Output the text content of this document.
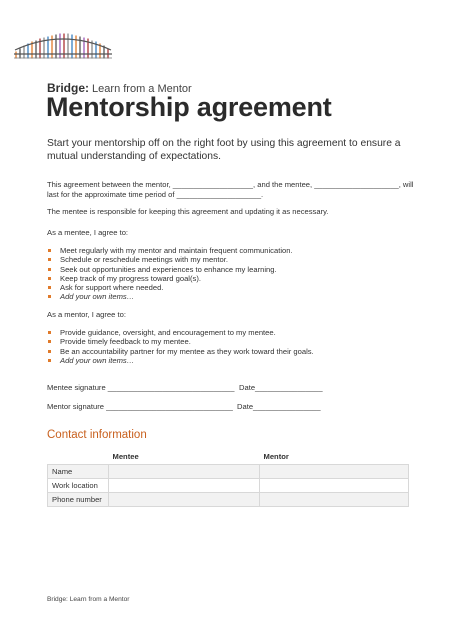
Bridge: Learn from a Mentor
Mentorship agreement
Start your mentorship off on the right foot by using this agreement to ensure a mutual understanding of expectations.
This agreement between the mentor, ___________________, and the mentee, ____________________, will last for the approximate time period of ____________________.
The mentee is responsible for keeping this agreement and updating it as necessary.
As a mentee, I agree to:
Meet regularly with my mentor and maintain frequent communication.
Schedule or reschedule meetings with my mentor.
Seek out opportunities and experiences to enhance my learning.
Keep track of my progress toward goal(s).
Ask for support where needed.
Add your own items…
As a mentor, I agree to:
Provide guidance, oversight, and encouragement to my mentee.
Provide timely feedback to my mentee.
Be an accountability partner for my mentee as they work toward their goals.
Add your own items…
Mentee signature ______________________________ Date________________
Mentor signature ______________________________ Date________________
Contact information
	Mentee	Mentor
Name		
Work location		
Phone number		
Bridge: Learn from a Mentor
